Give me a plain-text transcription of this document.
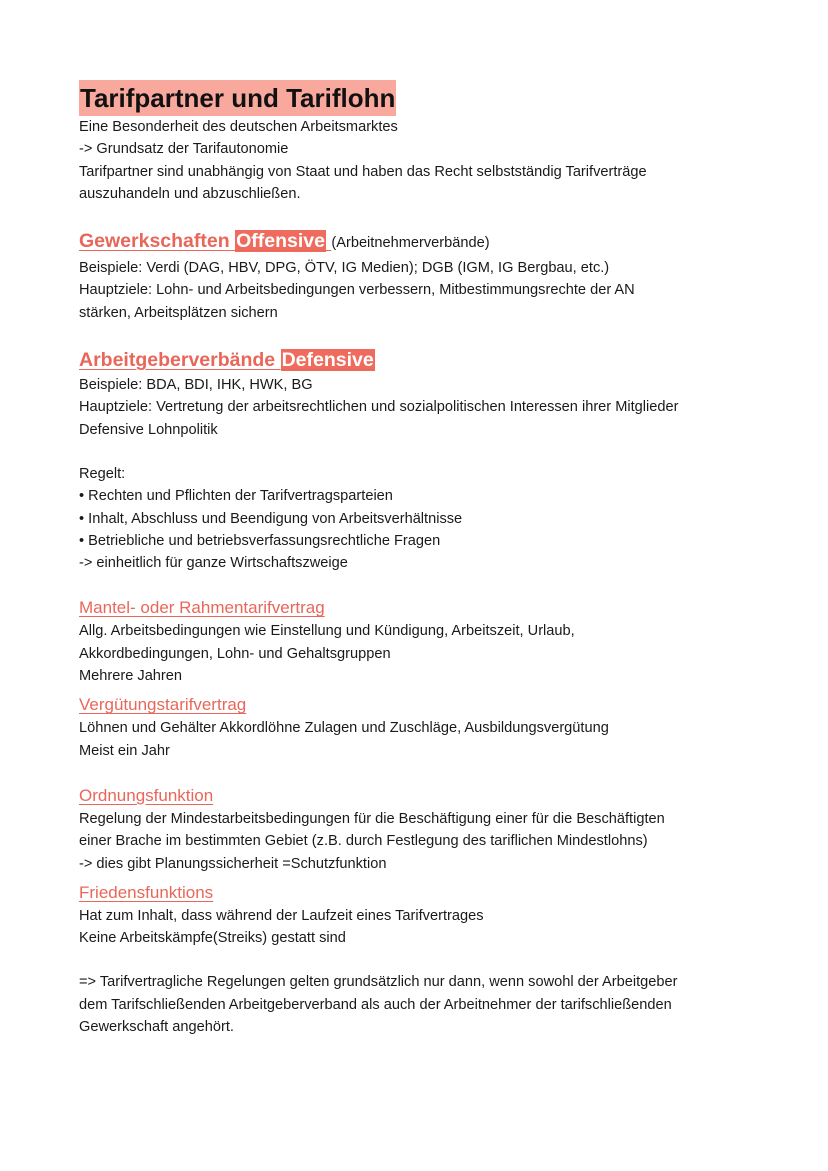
Tarifpartner und Tariflohn

Eine Besonderheit des deutschen Arbeitsmarktes

-> Grundsatz der Tarifautonomie

Tarifpartner sind unabhängig von Staat und haben das Recht selbstständig Tarifverträge

auszuhandeln und abzuschließen.

Gewerkschaften Offensive (Arbeitnehmerverbände)

Beispiele: Verdi (DAG, HBV, DPG, ÖTV, IG Medien); DGB (IGM, IG Bergbau, etc.)

Hauptziele: Lohn- und Arbeitsbedingungen verbessern, Mitbestimmungsrechte der AN

stärken, Arbeitsplätzen sichern

Arbeitgeberverbände Defensive

Beispiele: BDA, BDI, IHK, HWK, BG

Hauptziele: Vertretung der arbeitsrechtlichen und sozialpolitischen Interessen ihrer Mitglieder

Defensive Lohnpolitik

Regelt:

• Rechten und Pflichten der Tarifvertragsparteien

• Inhalt, Abschluss und Beendigung von Arbeitsverhältnisse

• Betriebliche und betriebsverfassungsrechtliche Fragen

-> einheitlich für ganze Wirtschaftszweige

Mantel- oder Rahmentarifvertrag

Allg. Arbeitsbedingungen wie Einstellung und Kündigung, Arbeitszeit, Urlaub,

Akkordbedingungen, Lohn- und Gehaltsgruppen

Mehrere Jahren

Vergütungstarifvertrag

Löhnen und Gehälter Akkordlöhne Zulagen und Zuschläge, Ausbildungsvergütung

Meist ein Jahr

Ordnungsfunktion

Regelung der Mindestarbeitsbedingungen für die Beschäftigung einer für die Beschäftigten

einer Brache im bestimmten Gebiet (z.B. durch Festlegung des tariflichen Mindestlohns)

-> dies gibt Planungssicherheit =Schutzfunktion

Friedensfunktions

Hat zum Inhalt, dass während der Laufzeit eines Tarifvertrages

Keine Arbeitskämpfe(Streiks) gestatt sind

=> Tarifvertragliche Regelungen gelten grundsätzlich nur dann, wenn sowohl der Arbeitgeber

dem Tarifschließenden Arbeitgeberverband als auch der Arbeitnehmer der tarifschließenden

Gewerkschaft angehört.
